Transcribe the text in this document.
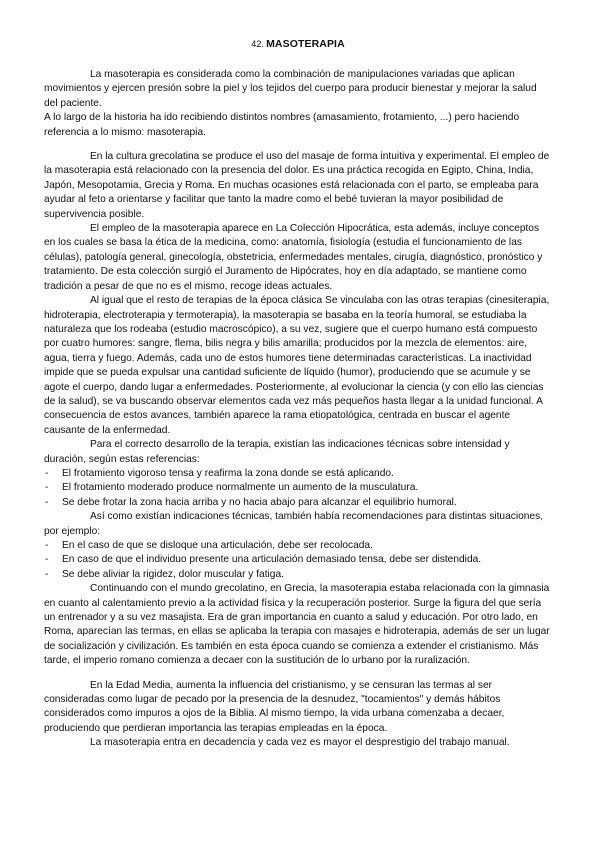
42. MASOTERAPIA

La masoterapia es considerada como la combinación de manipulaciones variadas que aplican movimientos y ejercen presión sobre la piel y los tejidos del cuerpo para producir bienestar y mejorar la salud del paciente.

A lo largo de la historia ha ido recibiendo distintos nombres (amasamiento, frotamiento, ...) pero haciendo referencia a lo mismo: masoterapia.

En la cultura grecolatina se produce el uso del masaje de forma intuitiva y experimental. El empleo de la masoterapia está relacionado con la presencia del dolor. Es una práctica recogida en Egipto, China, India, Japón, Mesopotamia, Grecia y Roma. En muchas ocasiones está relacionada con el parto, se empleaba para ayudar al feto a orientarse y facilitar que tanto la madre como el bebé tuvieran la mayor posibilidad de supervivencia posible.

El empleo de la masoterapia aparece en La Colección Hipocrática, esta además, incluye conceptos en los cuales se basa la ética de la medicina, como: anatomía, fisiología (estudia el funcionamiento de las células), patología general, ginecología, obstetricia, enfermedades mentales, cirugía, diagnóstico, pronóstico y tratamiento. De esta colección surgió el Juramento de Hipócrates, hoy en día adaptado, se mantiene como tradición a pesar de que no es el mismo, recoge ideas actuales.

Al igual que el resto de terapias de la época clásica Se vinculaba con las otras terapias (cinesiterapia, hidroterapia, electroterapia y termoterapia), la masoterapia se basaba en la teoría humoral, se estudiaba la naturaleza que los rodeaba (estudio macroscópico), a su vez, sugiere que el cuerpo humano está compuesto por cuatro humores: sangre, flema, bilis negra y bilis amarilla; producidos por la mezcla de elementos: aire, agua, tierra y fuego. Además, cada uno de estos humores tiene determinadas características. La inactividad impide que se pueda expulsar una cantidad suficiente de líquido (humor), produciendo que se acumule y se agote el cuerpo, dando lugar a enfermedades. Posteriormente, al evolucionar la ciencia (y con ello las ciencias de la salud), se va buscando observar elementos cada vez más pequeños hasta llegar a la unidad funcional. A consecuencia de estos avances, también aparece la rama etiopatológica, centrada en buscar el agente causante de la enfermedad.

Para el correcto desarrollo de la terapia, existían las indicaciones técnicas sobre intensidad y duración, según estas referencias:

- El frotamiento vigoroso tensa y reafirma la zona donde se está aplicando.
- El frotamiento moderado produce normalmente un aumento de la musculatura.
- Se debe frotar la zona hacia arriba y no hacia abajo para alcanzar el equilibrio humoral.

Así como existían indicaciones técnicas, también había recomendaciones para distintas situaciones, por ejemplo:

- En el caso de que se disloque una articulación, debe ser recolocada.
- En caso de que el individuo presente una articulación demasiado tensa, debe ser distendida.
- Se debe aliviar la rigidez, dolor muscular y fatiga.

Continuando con el mundo grecolatino, en Grecia, la masoterapia estaba relacionada con la gimnasia en cuanto al calentamiento previo a la actividad física y la recuperación posterior. Surge la figura del que sería un entrenador y a su vez masajista. Era de gran importancia en cuanto a salud y educación. Por otro lado, en Roma, aparecían las termas, en ellas se aplicaba la terapia con masajes e hidroterapia, además de ser un lugar de socialización y civilización. Es también en esta época cuando se comienza a extender el cristianismo. Más tarde, el imperio romano comienza a decaer con la sustitución de lo urbano por la ruralización.

En la Edad Media, aumenta la influencia del cristianismo, y se censuran las termas al ser consideradas como lugar de pecado por la presencia de la desnudez, "tocamientos" y demás hábitos considerados como impuros a ojos de la Biblia. Al mismo tiempo, la vida urbana comenzaba a decaer, produciendo que perdieran importancia las terapias empleadas en la época.

La masoterapia entra en decadencia y cada vez es mayor el desprestigio del trabajo manual.
